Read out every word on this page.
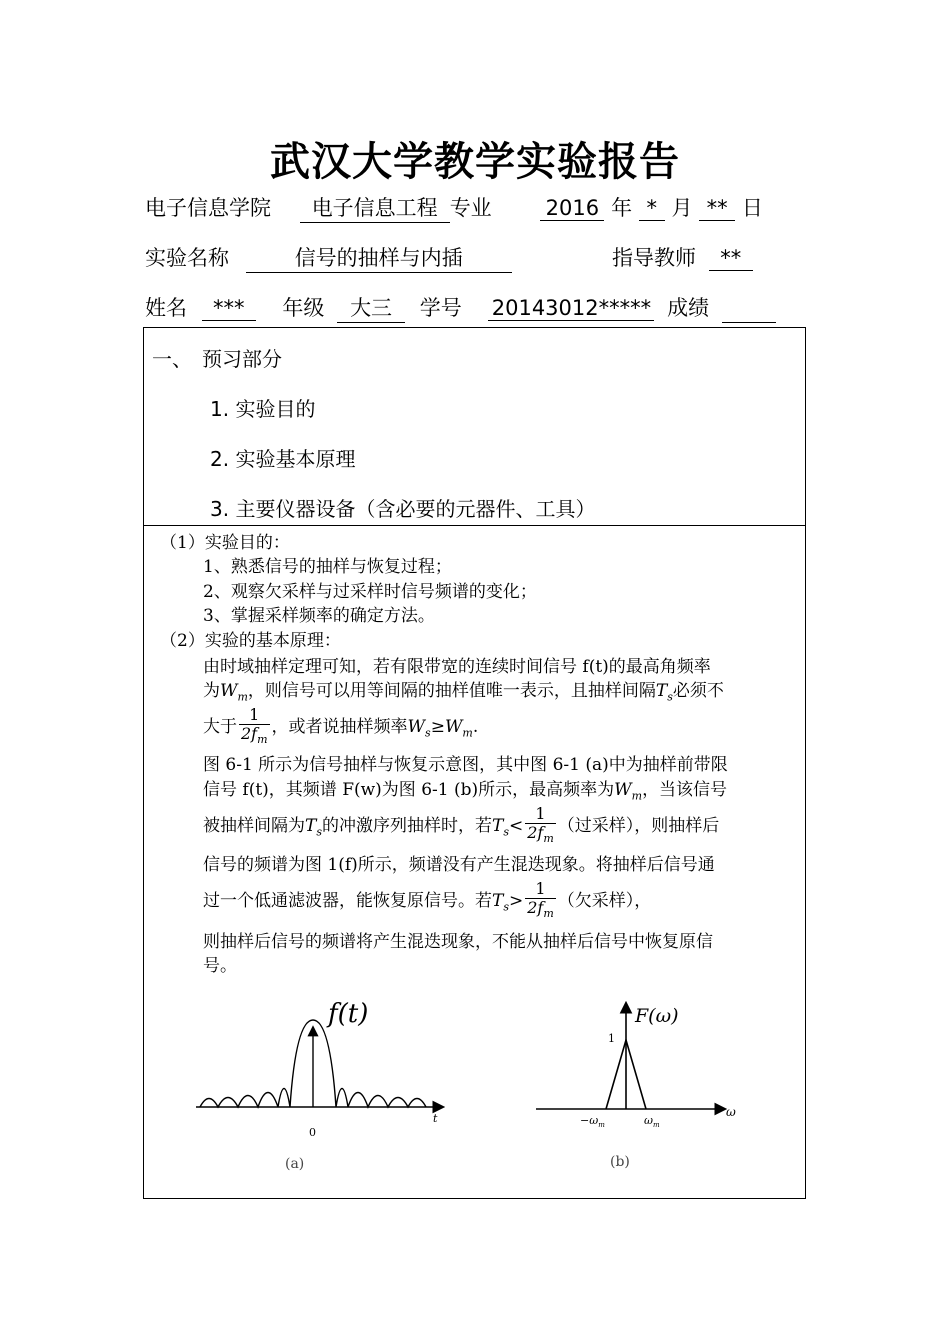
武汉大学教学实验报告
电子信息学院 电子信息工程 专业	2016 年 * 月 ** 日
实验名称	信号的抽样与内插	指导教师 **
姓名 *** 年级 大三 学号 20143012***** 成绩
一、　预习部分
1. 实验目的
2. 实验基本原理
3. 主要仪器设备（含必要的元器件、工具）
（1）实验目的：
1、熟悉信号的抽样与恢复过程；
2、观察欠采样与过采样时信号频谱的变化；
3、掌握采样频率的确定方法。
（2）实验的基本原理：
由时域抽样定理可知，若有限带宽的连续时间信号 f(t)的最高角频率
为$W_m$，则信号可以用等间隔的抽样值唯一表示，且抽样间隔$T_s$必须不
大于 $\frac{1}{2f_m}$ ，或者说抽样频率$W_s\ge W_m$.
图 6-1 所示为信号抽样与恢复示意图，其中图 6-1 (a)中为抽样前带限
信号 f(t)，其频谱 F(w)为图 6-1 (b)所示，最高频率为$W_m$，当该信号
被抽样间隔为$T_s$的冲激序列抽样时，若$T_s< \frac{1}{2f_m}$ （过采样），则抽样后
信号的频谱为图 1(f)所示，频谱没有产生混迭现象。将抽样后信号通
过一个低通滤波器，能恢复原信号。若$T_s> \frac{1}{2f_m}$ （欠采样），
则抽样后信号的频谱将产生混迭现象，不能从抽样后信号中恢复原信
号。
f(t)
t
0
(a)
F(ω)
1
ω
$-\omega_m$	$\omega_m$
(b)
